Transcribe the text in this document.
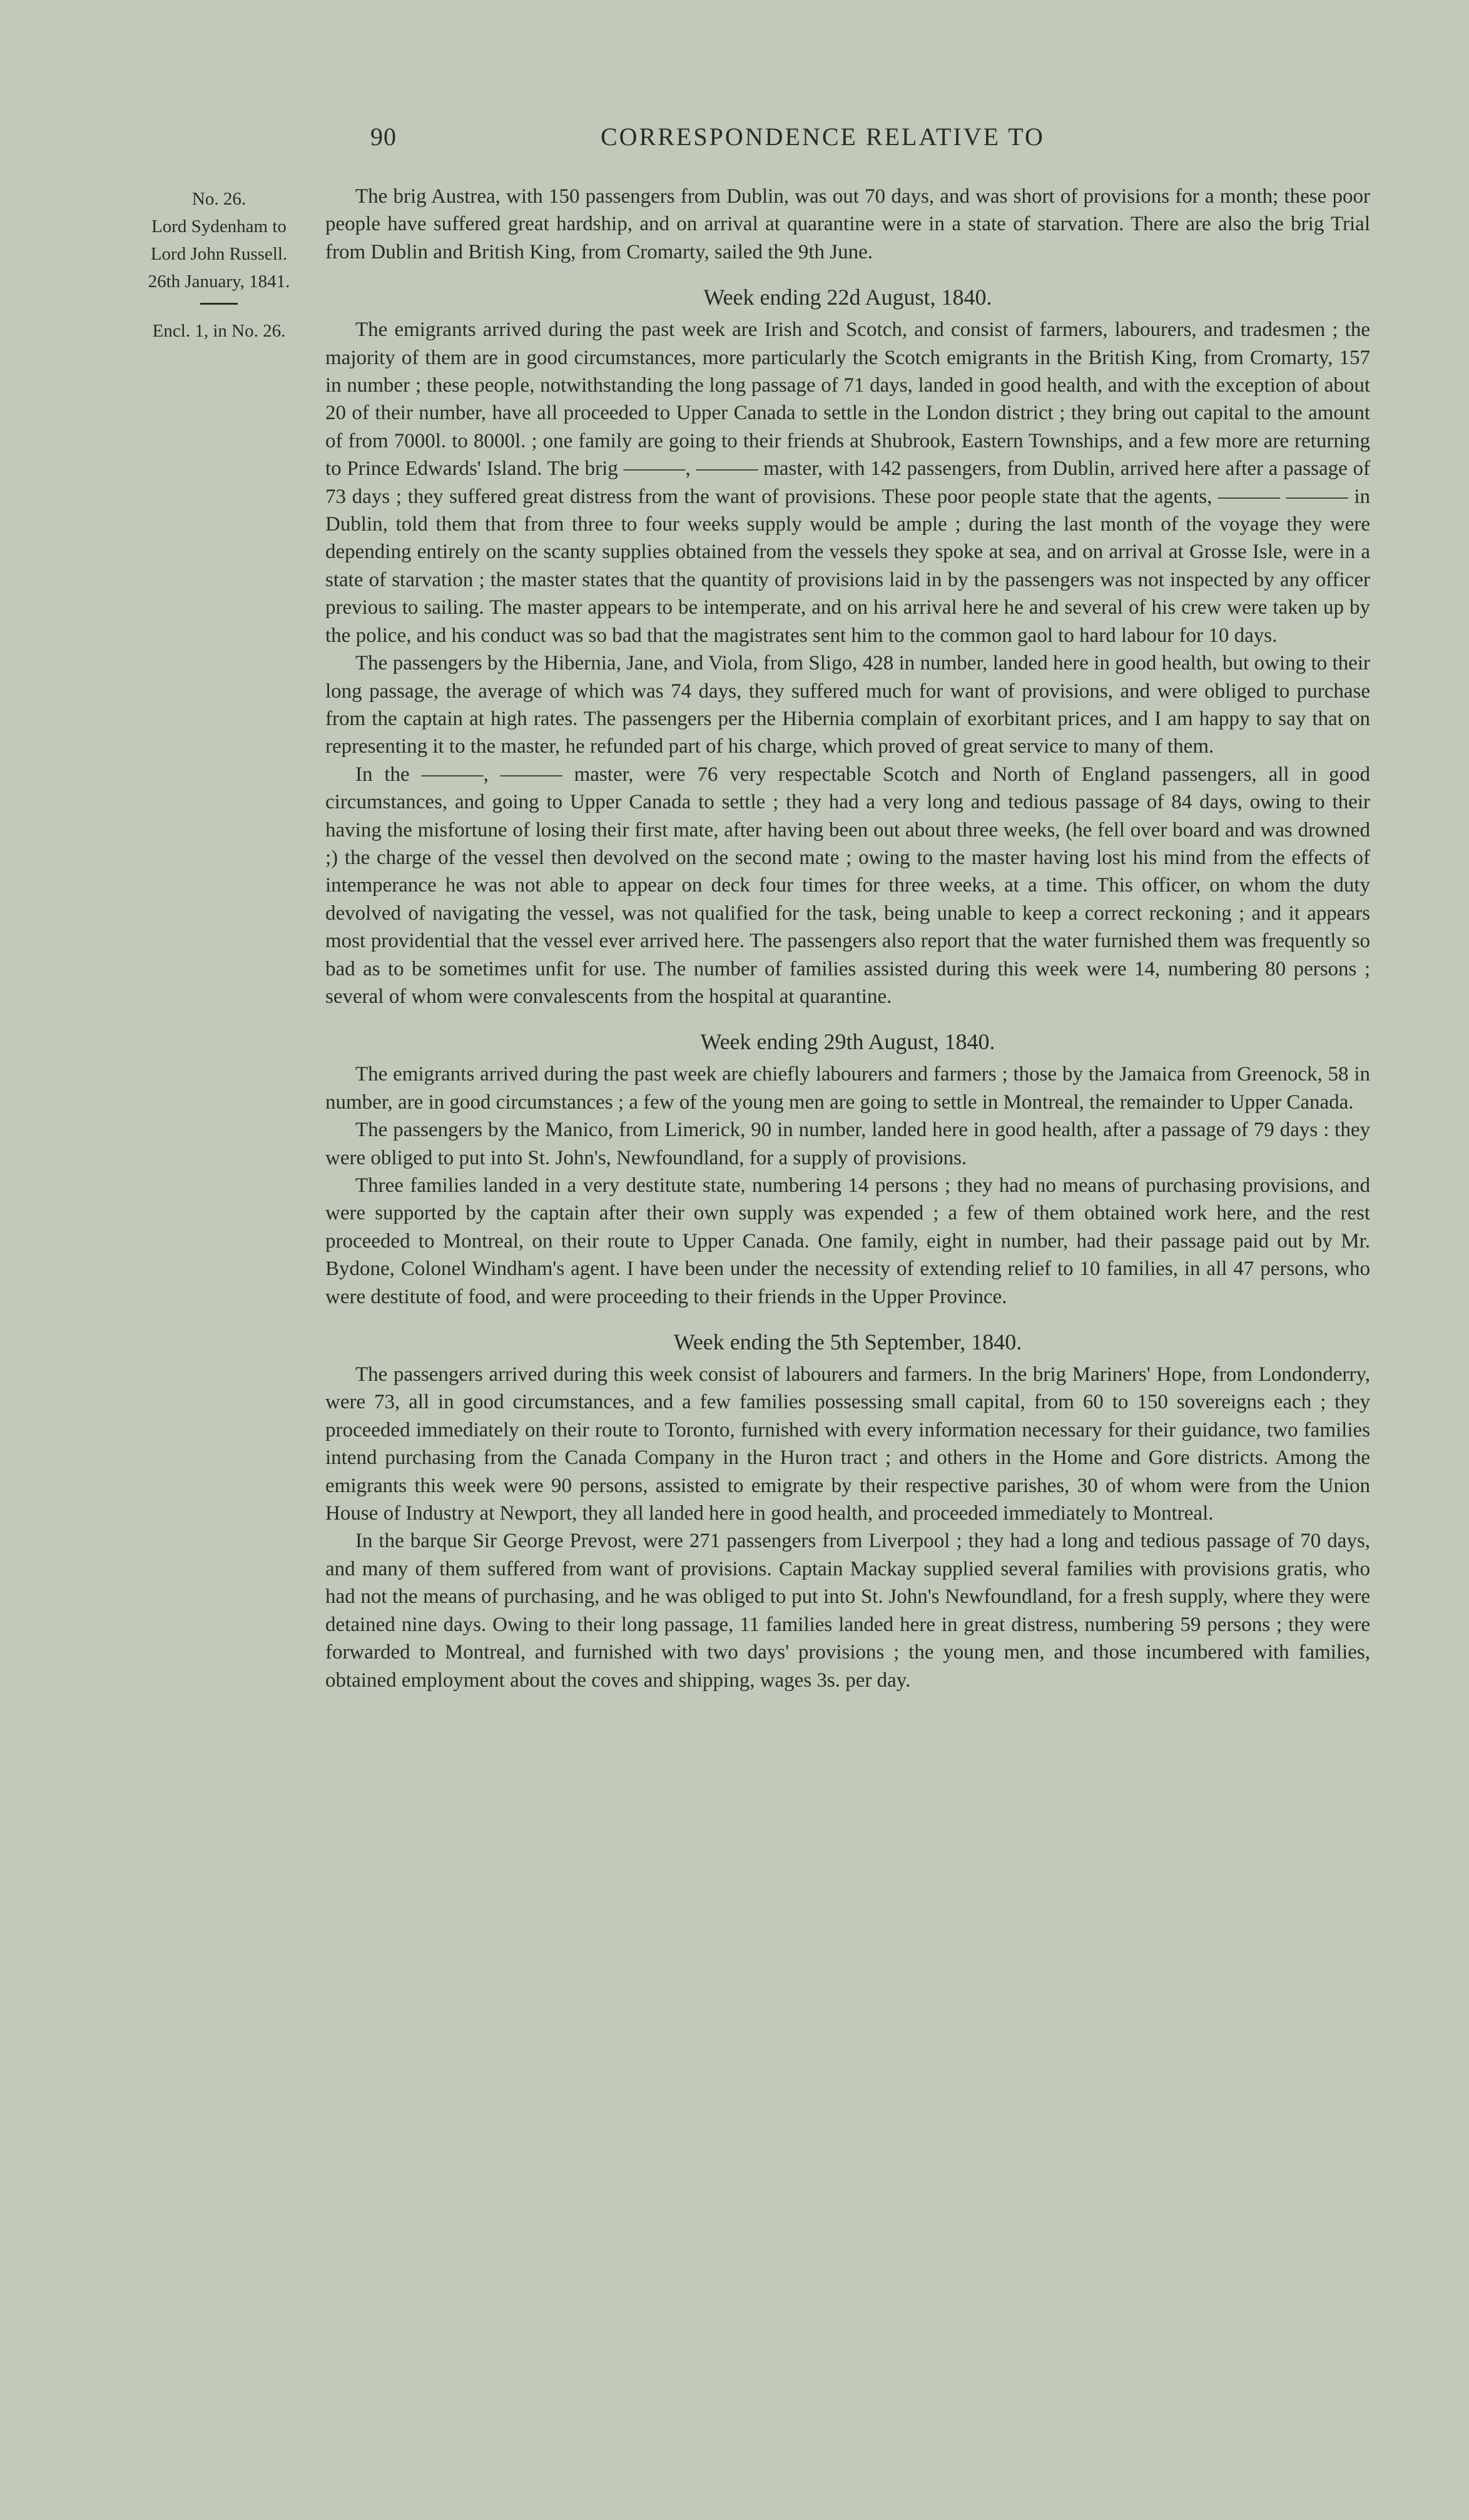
90	CORRESPONDENCE RELATIVE TO
No. 26.
Lord Sydenham to
Lord John Russell.
26th January, 1841.
Encl. 1, in No. 26.

The brig Austrea, with 150 passengers from Dublin, was out 70 days, and was short of provisions for a month; these poor people have suffered great hardship, and on arrival at quarantine were in a state of starvation. There are also the brig Trial from Dublin and British King, from Cromarty, sailed the 9th June.

Week ending 22d August, 1840.

The emigrants arrived during the past week are Irish and Scotch, and consist of farmers, labourers, and tradesmen ; the majority of them are in good circumstances, more particularly the Scotch emigrants in the British King, from Cromarty, 157 in number ; these people, notwithstanding the long passage of 71 days, landed in good health, and with the exception of about 20 of their number, have all proceeded to Upper Canada to settle in the London district ; they bring out capital to the amount of from 7000l. to 8000l. ; one family are going to their friends at Shubrook, Eastern Townships, and a few more are returning to Prince Edwards' Island. The brig ———, ——— master, with 142 passengers, from Dublin, arrived here after a passage of 73 days ; they suffered great distress from the want of provisions. These poor people state that the agents, ——— ——— in Dublin, told them that from three to four weeks supply would be ample ; during the last month of the voyage they were depending entirely on the scanty supplies obtained from the vessels they spoke at sea, and on arrival at Grosse Isle, were in a state of starvation ; the master states that the quantity of provisions laid in by the passengers was not inspected by any officer previous to sailing. The master appears to be intemperate, and on his arrival here he and several of his crew were taken up by the police, and his conduct was so bad that the magistrates sent him to the common gaol to hard labour for 10 days.

The passengers by the Hibernia, Jane, and Viola, from Sligo, 428 in number, landed here in good health, but owing to their long passage, the average of which was 74 days, they suffered much for want of provisions, and were obliged to purchase from the captain at high rates. The passengers per the Hibernia complain of exorbitant prices, and I am happy to say that on representing it to the master, he refunded part of his charge, which proved of great service to many of them.

In the ———, ——— master, were 76 very respectable Scotch and North of England passengers, all in good circumstances, and going to Upper Canada to settle ; they had a very long and tedious passage of 84 days, owing to their having the misfortune of losing their first mate, after having been out about three weeks, (he fell over board and was drowned ;) the charge of the vessel then devolved on the second mate ; owing to the master having lost his mind from the effects of intemperance he was not able to appear on deck four times for three weeks, at a time. This officer, on whom the duty devolved of navigating the vessel, was not qualified for the task, being unable to keep a correct reckoning ; and it appears most providential that the vessel ever arrived here. The passengers also report that the water furnished them was frequently so bad as to be sometimes unfit for use. The number of families assisted during this week were 14, numbering 80 persons ; several of whom were convalescents from the hospital at quarantine.

Week ending 29th August, 1840.

The emigrants arrived during the past week are chiefly labourers and farmers ; those by the Jamaica from Greenock, 58 in number, are in good circumstances ; a few of the young men are going to settle in Montreal, the remainder to Upper Canada.

The passengers by the Manico, from Limerick, 90 in number, landed here in good health, after a passage of 79 days : they were obliged to put into St. John's, Newfoundland, for a supply of provisions.

Three families landed in a very destitute state, numbering 14 persons ; they had no means of purchasing provisions, and were supported by the captain after their own supply was expended ; a few of them obtained work here, and the rest proceeded to Montreal, on their route to Upper Canada. One family, eight in number, had their passage paid out by Mr. Bydone, Colonel Windham's agent. I have been under the necessity of extending relief to 10 families, in all 47 persons, who were destitute of food, and were proceeding to their friends in the Upper Province.

Week ending the 5th September, 1840.

The passengers arrived during this week consist of labourers and farmers. In the brig Mariners' Hope, from Londonderry, were 73, all in good circumstances, and a few families possessing small capital, from 60 to 150 sovereigns each ; they proceeded immediately on their route to Toronto, furnished with every information necessary for their guidance, two families intend purchasing from the Canada Company in the Huron tract ; and others in the Home and Gore districts. Among the emigrants this week were 90 persons, assisted to emigrate by their respective parishes, 30 of whom were from the Union House of Industry at Newport, they all landed here in good health, and proceeded immediately to Montreal.

In the barque Sir George Prevost, were 271 passengers from Liverpool ; they had a long and tedious passage of 70 days, and many of them suffered from want of provisions. Captain Mackay supplied several families with provisions gratis, who had not the means of purchasing, and he was obliged to put into St. John's Newfoundland, for a fresh supply, where they were detained nine days. Owing to their long passage, 11 families landed here in great distress, numbering 59 persons ; they were forwarded to Montreal, and furnished with two days' provisions ; the young men, and those incumbered with families, obtained employment about the coves and shipping, wages 3s. per day.
